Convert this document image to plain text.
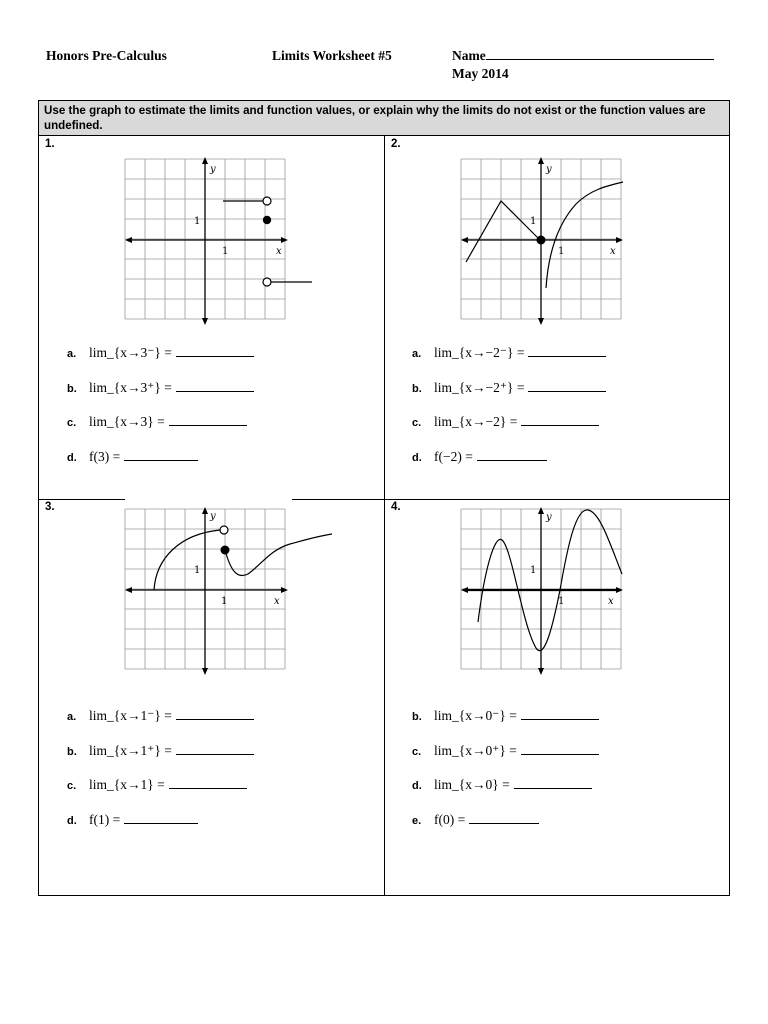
Honors Pre-Calculus	Limits Worksheet #5	Name
May 2014
Use the graph to estimate the limits and function values, or explain why the limits do not exist or the function values are undefined.
1.	2.
3.	4.
y
x
1
1
y
x
1
1
y
x
1
1
y
x
1
1
a. lim_{x→3⁻} =
b. lim_{x→3⁺} =
c. lim_{x→3} =
d. f(3) =
a. lim_{x→−2⁻} =
b. lim_{x→−2⁺} =
c. lim_{x→−2} =
d. f(−2) =
a. lim_{x→1⁻} =
b. lim_{x→1⁺} =
c. lim_{x→1} =
d. f(1) =
b. lim_{x→0⁻} =
c. lim_{x→0⁺} =
d. lim_{x→0} =
e. f(0) =
